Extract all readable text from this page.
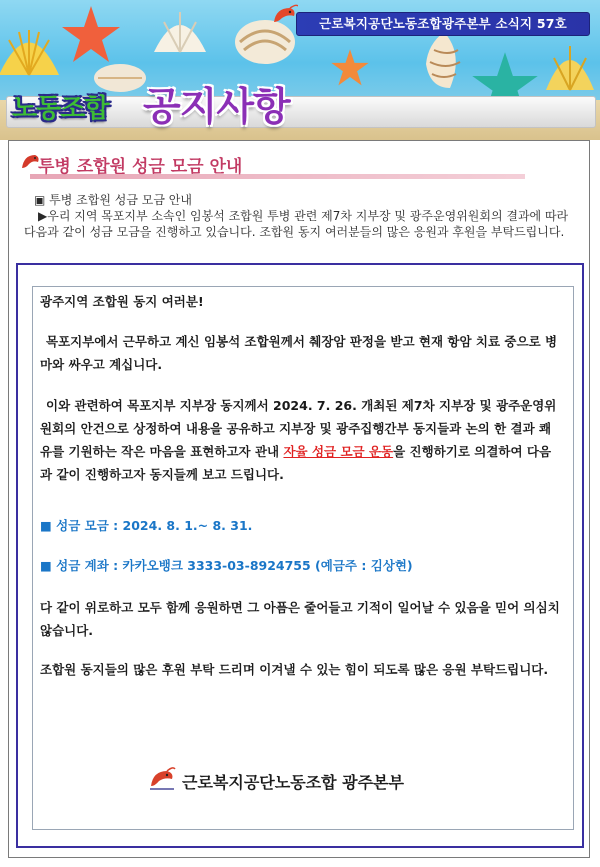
근로복지공단노동조합광주본부 소식지 57호
노동조합 공지사항
투병 조합원 성금 모금 안내
▣ 투병 조합원 성금 모금 안내
▶우리 지역 목포지부 소속인 임봉석 조합원 투병 관련 제7차 지부장 및 광주운영위원회의 결과에 따라 다음과 같이 성금 모금을 진행하고 있습니다. 조합원 동지 여러분들의 많은 응원과 후원을 부탁드립니다.
광주지역 조합원 동지 여러분!
목포지부에서 근무하고 계신 임봉석 조합원께서 췌장암 판정을 받고 현재 항암 치료 중으로 병마와 싸우고 계십니다.
이와 관련하여 목포지부 지부장 동지께서 2024. 7. 26. 개최된 제7차 지부장 및 광주운영위원회의 안건으로 상정하여 내용을 공유하고 지부장 및 광주집행간부 동지들과 논의 한 결과 쾌유를 기원하는 작은 마음을 표현하고자 관내 자율 성금 모금 운동을 진행하기로 의결하여 다음과 같이 진행하고자 동지들께 보고 드립니다.
■ 성금 모금 : 2024. 8. 1.~ 8. 31.
■ 성금 계좌 : 카카오뱅크 3333-03-8924755 (예금주 : 김상현)
다 같이 위로하고 모두 함께 응원하면 그 아픔은 줄어들고 기적이 일어날 수 있음을 믿어 의심치 않습니다.
조합원 동지들의 많은 후원 부탁 드리며 이겨낼 수 있는 힘이 되도록 많은 응원 부탁드립니다.
근로복지공단노동조합 광주본부
